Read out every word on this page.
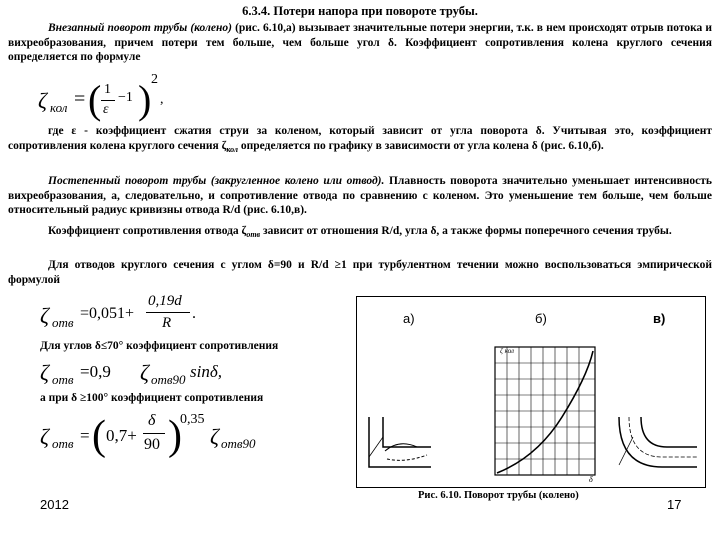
6.3.4. Потери напора при повороте трубы.
Внезапный поворот трубы (колено) (рис. 6.10,а) вызывает значительные потери энергии, т.к. в нем происходят отрыв потока и вихреобразования, причем потери тем больше, чем больше угол δ. Коэффициент сопротивления колена круглого сечения определяется по формуле
ζ кол = ( 1
ε
−1 ) 2
,
где ε - коэффициент сжатия струи за коленом, который зависит от угла поворота δ. Учитывая это, коэффициент сопротивления колена круглого сечения $\zeta_{кол}$ определяется по графику в зависимости от угла колена δ (рис. 6.10,б).
Постепенный поворот трубы (закругленное колено или отвод). Плавность поворота значительно уменьшает интенсивность вихреобразования, а, следовательно, и сопротивление отвода по сравнению с коленом. Это уменьшение тем больше, чем больше относительный радиус кривизны отвода R/d (рис. 6.10,в).
Коэффициент сопротивления отвода $\zeta_{отв}$ зависит от отношения R/d, угла δ, а также формы поперечного сечения трубы.
Для отводов круглого сечения с углом δ=90 и R/d ≥1 при турбулентном течении можно воспользоваться эмпирической формулой
ζ отв
=0,051+
0,19d
R
.
Для углов δ≤70° коэффициент сопротивления
ζ отв =0,9 ζ отв90 sinδ,
а при δ ≥100° коэффициент сопротивления
ζ отв = ( 0,7+
δ
90 )
0,35
ζ отв90
а)	б)	в)
ζ кол
δ
Рис. 6.10. Поворот трубы (колено)
2012	17
